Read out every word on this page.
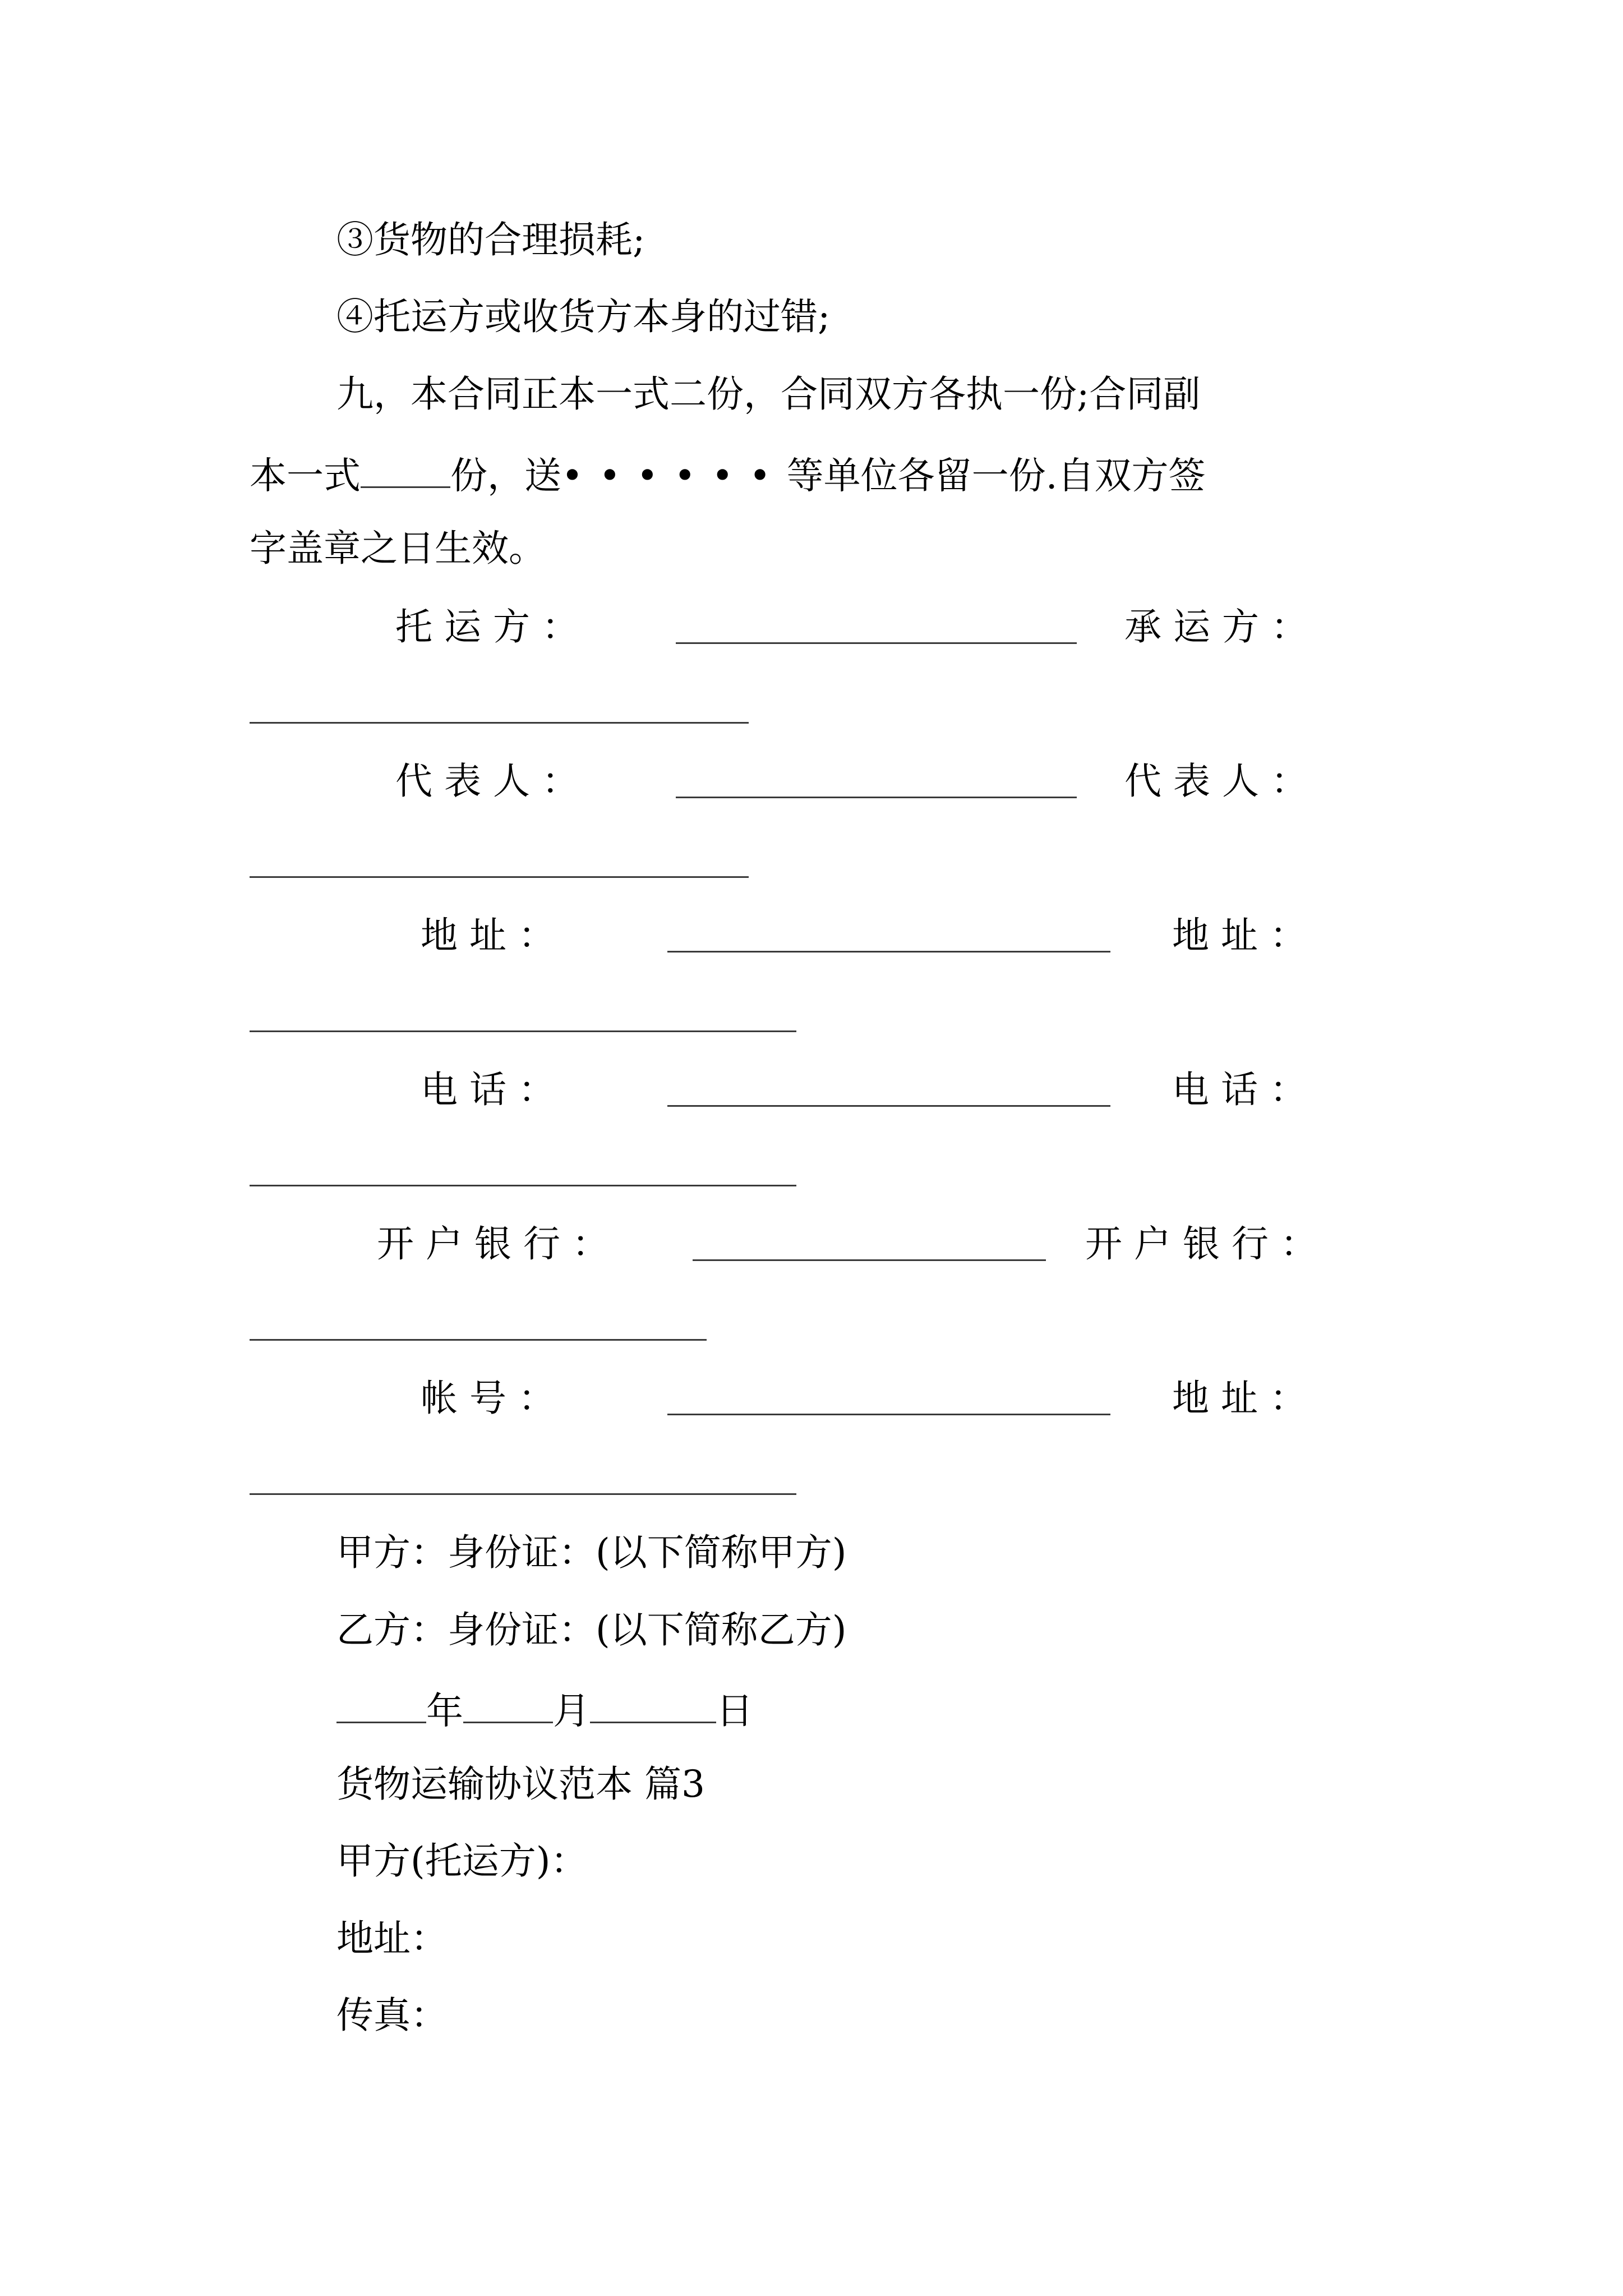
③货物的合理损耗;

④托运方或收货方本身的过错;

九，本合同正本一式二份，合同双方各执一份;合同副

本一式 份，送••••••等单位各留一份.自双方签

字盖章之日生效。

托 运 方 ：	承 运 方 ：
代 表 人 ：	代 表 人 ：
地 址 ：	地 址 ：
电 话 ：	电 话 ：
开 户 银 行 ：	开 户 银 行 ：
帐 号 ：	地 址 ：

甲方：身份证：(以下简称甲方)

乙方：身份证：(以下简称乙方)

年 月	日

货物运输协议范本 篇3

甲方(托运方)：

地址：

传真：
